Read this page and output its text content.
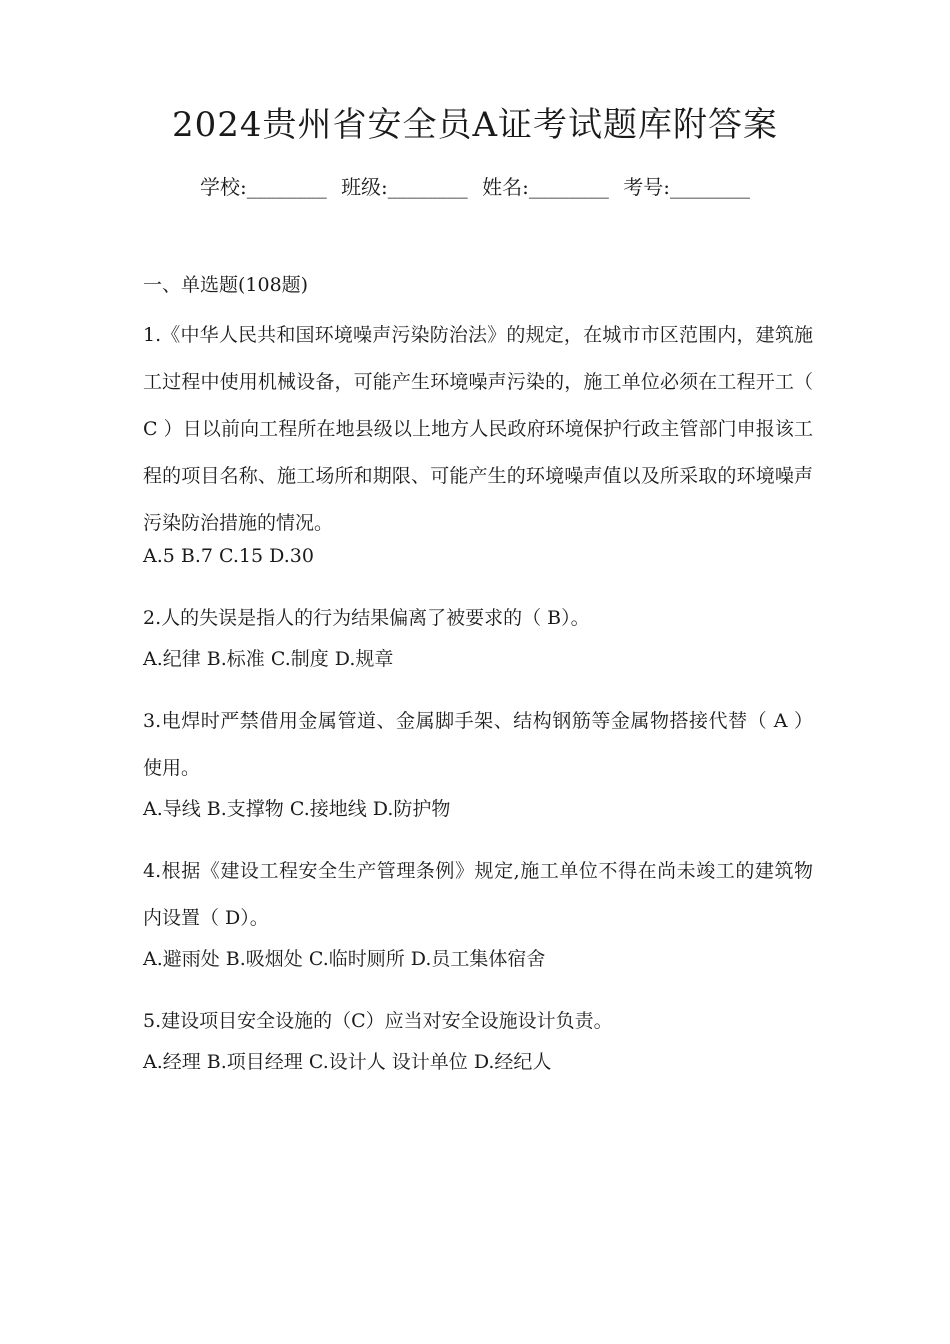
2024贵州省安全员A证考试题库附答案
学校:________ 班级:________ 姓名:________ 考号:________
一、单选题(108题)

1.《中华人民共和国环境噪声污染防治法》的规定，在城市市区范围内，建筑施工过程中使用机械设备，可能产生环境噪声污染的，施工单位必须在工程开工（ C ）日以前向工程所在地县级以上地方人民政府环境保护行政主管部门申报该工程的项目名称、施工场所和期限、可能产生的环境噪声值以及所采取的环境噪声污染防治措施的情况。

A.5 B.7 C.15 D.30

2.人的失误是指人的行为结果偏离了被要求的（ B）。

A.纪律 B.标准 C.制度 D.规章

3.电焊时严禁借用金属管道、金属脚手架、结构钢筋等金属物搭接代替（ A ）使用。

A.导线 B.支撑物 C.接地线 D.防护物

4.根据《建设工程安全生产管理条例》规定,施工单位不得在尚未竣工的建筑物内设置（ D）。

A.避雨处 B.吸烟处 C.临时厕所 D.员工集体宿舍

5.建设项目安全设施的（C）应当对安全设施设计负责。

A.经理 B.项目经理 C.设计人 设计单位 D.经纪人
